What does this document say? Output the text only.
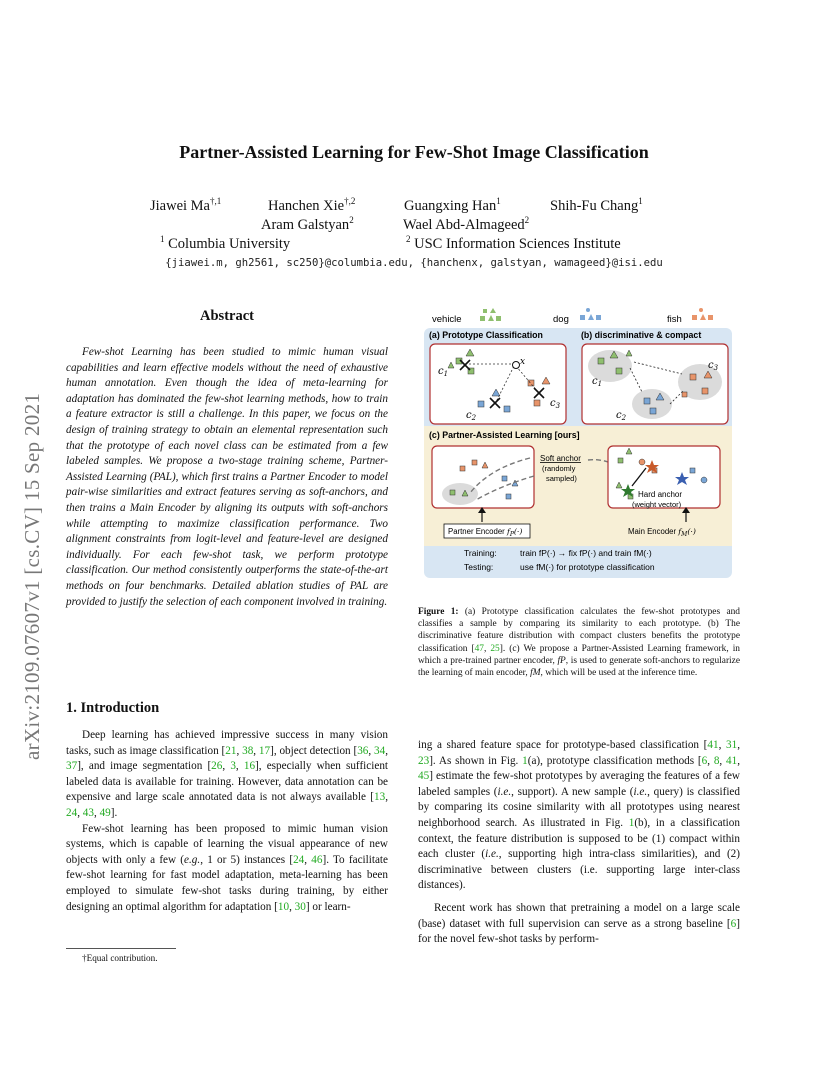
Partner-Assisted Learning for Few-Shot Image Classification
Jiawei $Ma^{\dagger,1}$	Hanchen Xie$^{\dagger,2}$	Guangxing Han$^1$	Shih-Fu Chang$^1$
Aram Galstyan$^2$	Wael Abd-Almageed$^2$
$^1$ Columbia University	$^2$ USC Information Sciences Institute
{jiawei.m, gh2561, sc250}@columbia.edu, {hanchenx, galstyan, wamageed}@isi.edu
arXiv:2109.07607v1 [cs.CV] 15 Sep 2021
Abstract
Few-shot Learning has been studied to mimic human visual capabilities and learn effective models without the need of exhaustive human annotation. Even though the idea of meta-learning for adaptation has dominated the few-shot learning methods, how to train a feature extractor is still a challenge. In this paper, we focus on the design of training strategy to obtain an elemental representation such that the prototype of each novel class can be estimated from a few labeled samples. We propose a two-stage training scheme, Partner-Assisted Learning (PAL), which first trains a Partner Encoder to model pair-wise similarities and extract features serving as soft-anchors, and then trains a Main Encoder by aligning its outputs with soft-anchors while attempting to maximize classification performance. Two alignment constraints from logit-level and feature-level are designed individually. For each few-shot task, we perform prototype classification. Our method consistently outperforms the state-of-the-art methods on four benchmarks. Detailed ablation studies of PAL are provided to justify the selection of each component involved in training.
1. Introduction

Deep learning has achieved impressive success in many vision tasks, such as image classification [21, 38, 17], object detection [36, 34, 37], and image segmentation [26, 3, 16], especially when sufficient labeled data is available for training. However, data annotation can be expensive and large scale annotated data is not always available [13, 24, 43, 49].

Few-shot learning has been proposed to mimic human vision systems, which is capable of learning the visual appearance of new objects with only a few (e.g., 1 or 5) instances [24, 46]. To facilitate few-shot learning for fast model adaptation, meta-learning has been employed to simulate few-shot tasks during training, by either designing an optimal algorithm for adaptation [10, 30] or learn-

ing a shared feature space for prototype-based classification [41, 31, 23]. As shown in Fig. 1(a), prototype classification methods [6, 8, 41, 45] estimate the few-shot prototypes by averaging the features of a few labeled samples (i.e., support). A new sample (i.e., query) is classified by comparing its cosine similarity with all prototypes using nearest neighborhood search. As illustrated in Fig. 1(b), in a classification context, the feature distribution is supposed to be (1) compact within each cluster (i.e., supporting high intra-class similarities), and (2) discriminative between clusters (i.e. supporting large inter-class distances).

Recent work has shown that pretraining a model on a large scale (base) dataset with full supervision can serve as a strong baseline [6] for the novel few-shot tasks by perform-

†Equal contribution.
vehicle	dog	fish
(a) Prototype Classification	(b) discriminative & compact
x
$c_1$
$c_2$
$c_3$
$c_1$
$c_2$
$c_3$
(c) Partner-Assisted Learning [ours]
Soft anchor
(randomly
sampled)
Hard anchor
(weight vector)
Partner Encoder $f_P(\cdot)$	Main Encoder $f_M(\cdot)$
Training:	train fP(·) → fix fP(·) and train fM(·)
Testing:	use fM(·) for prototype classification
Figure 1: (a) Prototype classification calculates the few-shot prototypes and classifies a sample by comparing its similarity to each prototype. (b) The discriminative feature distribution with compact clusters benefits the prototype classification [47, 25]. (c) We propose a Partner-Assisted Learning framework, in which a pre-trained partner encoder, fP, is used to generate soft-anchors to regularize the learning of main encoder, fM, which will be used at the inference time.
